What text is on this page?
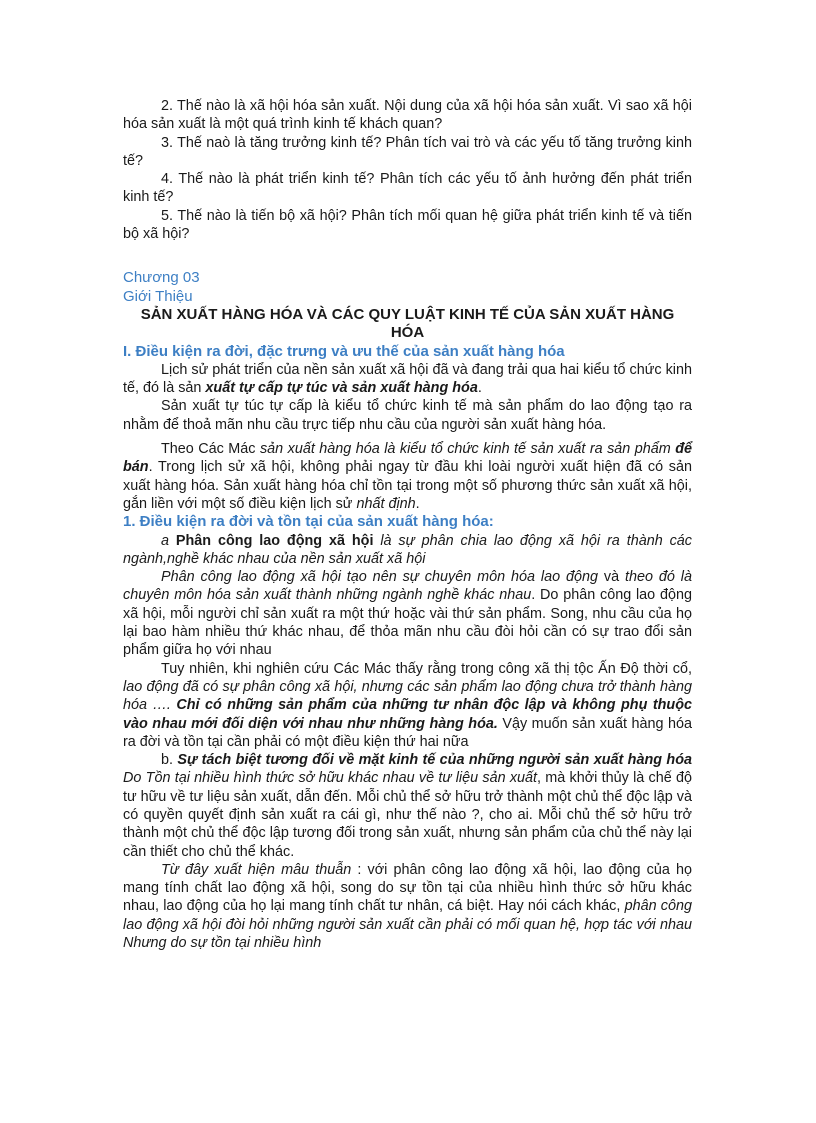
2. Thế nào là xã hội hóa sản xuất. Nội dung của xã hội hóa sản xuất. Vì sao xã hội hóa sản xuất là một quá trình kinh tế khách quan?

3. Thế naò là tăng trưởng kinh tế? Phân tích vai trò và các yếu tố tăng trưởng kinh tế?

4. Thế nào là phát triển kinh tế? Phân tích các yếu tố ảnh hưởng đến phát triển kinh tế?

5. Thế nào là tiến bộ xã hội? Phân tích mối quan hệ giữa phát triển kinh tế và tiến bộ xã hội?

Chương 03
Giới Thiệu
SẢN XUẤT HÀNG HÓA VÀ CÁC QUY LUẬT KINH TẾ CỦA SẢN XUẤT HÀNG HÓA
I. Điều kiện ra đời, đặc trưng và ưu thế của sản xuất hàng hóa

Lịch sử phát triển của nền sản xuất xã hội đã và đang trải qua hai kiểu tổ chức kinh tế, đó là sản xuất tự cấp tự túc và sản xuất hàng hóa.

Sản xuất tự túc tự cấp là kiểu tổ chức kinh tế mà sản phẩm do lao động tạo ra nhằm để thoả mãn nhu cầu trực tiếp nhu cầu của người sản xuất hàng hóa.

Theo Các Mác sản xuất hàng hóa là kiểu tổ chức kinh tế sản xuất ra sản phẩm để bán. Trong lịch sử xã hội, không phải ngay từ đầu khi loài người xuất hiện đã có sản xuất hàng hóa. Sản xuất hàng hóa chỉ tồn tại trong một số phương thức sản xuất xã hội, gắn liền với một số điều kiện lịch sử nhất định.

1. Điều kiện ra đời và tồn tại của sản xuất hàng hóa:

a Phân công lao động xã hội là sự phân chia lao động xã hội ra thành các ngành,nghề khác nhau của nền sản xuất xã hội

Phân công lao động xã hội tạo nên sự chuyên môn hóa lao động và theo đó là chuyên môn hóa sản xuất thành những ngành nghề khác nhau. Do phân công lao động xã hội, mỗi người chỉ sản xuất ra một thứ hoặc vài thứ sản phẩm. Song, nhu cầu của họ lại bao hàm nhiều thứ khác nhau, để thỏa mãn nhu cầu đòi hỏi cần có sự trao đổi sản phẩm giữa họ với nhau

Tuy nhiên, khi nghiên cứu Các Mác thấy rằng trong công xã thị tộc Ấn Độ thời cổ, lao động đã có sự phân công xã hội, nhưng các sản phẩm lao động chưa trở thành hàng hóa …. Chỉ có những sản phẩm của những tư nhân độc lập và không phụ thuộc vào nhau mới đối diện với nhau như những hàng hóa. Vậy muốn sản xuất hàng hóa ra đời và tồn tại cần phải có một điều kiện thứ hai nữa

b. Sự tách biệt tương đối về mặt kinh tế của những người sản xuất hàng hóa Do Tồn tại nhiều hình thức sở hữu khác nhau về tư liệu sản xuất, mà khởi thủy là chế độ tư hữu về tư liệu sản xuất, dẫn đến. Mỗi chủ thể sở hữu trở thành một chủ thể độc lập và có quyền quyết định sản xuất ra cái gì, như thế nào ?, cho ai. Mỗi chủ thể sở hữu trở thành một chủ thể độc lập tương đối trong sản xuất, nhưng sản phẩm của chủ thể này lại cần thiết cho chủ thể khác.

Từ đây xuất hiện mâu thuẫn : với phân công lao động xã hội, lao động của họ mang tính chất lao động xã hội, song do sự tồn tại của nhiều hình thức sở hữu khác nhau, lao động của họ lại mang tính chất tư nhân, cá biệt. Hay nói cách khác, phân công lao động xã hội đòi hỏi những người sản xuất cần phải có mối quan hệ, hợp tác với nhau Nhưng do sự tồn tại nhiều hình
